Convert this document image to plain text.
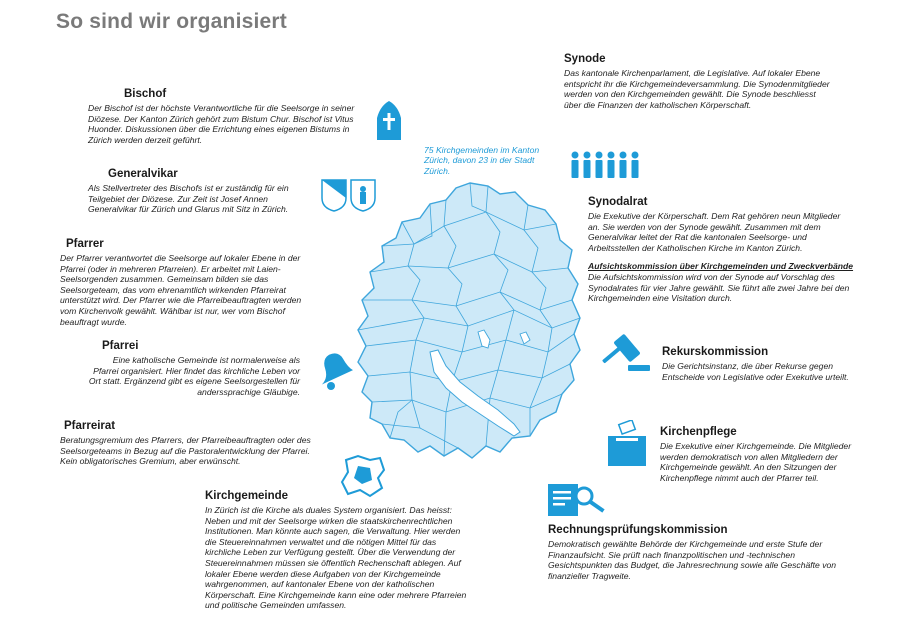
So sind wir organisiert
75 Kirchgemeinden im Kanton Zürich, davon 23 in der Stadt Zürich.
Bischof

Der Bischof ist der höchste Verantwortliche für die Seelsorge in seiner Diözese. Der Kanton Zürich gehört zum Bistum Chur. Bischof ist Vitus Huonder. Diskussionen über die Errichtung eines eigenen Bistums in Zürich werden derzeit geführt.

Generalvikar

Als Stellvertreter des Bischofs ist er zuständig für ein Teilgebiet der Diözese. Zur Zeit ist Josef Annen Generalvikar für Zürich und Glarus mit Sitz in Zürich.

Pfarrer

Der Pfarrer verantwortet die Seelsorge auf lokaler Ebene in der Pfarrei (oder in mehreren Pfarreien). Er arbeitet mit Laien-Seelsorgenden zusammen. Gemeinsam bilden sie das Seelsorgeteam, das vom ehrenamtlich wirkenden Pfarreirat unterstützt wird. Der Pfarrer wie die Pfarreibeauftragten werden vom Kirchenvolk gewählt. Wählbar ist nur, wer vom Bischof beauftragt wurde.

Pfarrei

Eine katholische Gemeinde ist normalerweise als Pfarrei organisiert. Hier findet das kirchliche Leben vor Ort statt. Ergänzend gibt es eigene Seelsorgestellen für anderssprachige Gläubige.

Pfarreirat

Beratungsgremium des Pfarrers, der Pfarreibeauftragten oder des Seelsorgeteams in Bezug auf die Pastoralentwicklung der Pfarrei. Kein obligatorisches Gremium, aber erwünscht.

Kirchgemeinde

In Zürich ist die Kirche als duales System organisiert. Das heisst: Neben und mit der Seelsorge wirken die staatskirchenrechtlichen Institutionen. Man könnte auch sagen, die Verwaltung. Hier werden die Steuereinnahmen verwaltet und die nötigen Mittel für das kirchliche Leben zur Verfügung gestellt. Über die Verwendung der Steuereinnahmen müssen sie öffentlich Rechenschaft ablegen. Auf lokaler Ebene werden diese Aufgaben von der Kirchgemeinde wahrgenommen, auf kantonaler Ebene von der katholischen Körperschaft. Eine Kirchgemeinde kann eine oder mehrere Pfarreien und politische Gemeinden umfassen.

Synode

Das kantonale Kirchenparlament, die Legislative. Auf lokaler Ebene entspricht ihr die Kirchgemeindeversammlung. Die Synodenmitglieder werden von den Kirchgemeinden gewählt. Die Synode beschliesst über die Finanzen der katholischen Körperschaft.

Synodalrat

Die Exekutive der Körperschaft. Dem Rat gehören neun Mitglieder an. Sie werden von der Synode gewählt. Zusammen mit dem Generalvikar leitet der Rat die kantonalen Seelsorge- und Arbeitsstellen der Katholischen Kirche im Kanton Zürich.

Aufsichtskommission über Kirchgemeinden und Zweckverbände

Die Aufsichtskommission wird von der Synode auf Vorschlag des Synodalrates für vier Jahre gewählt. Sie führt alle zwei Jahre bei den Kirchgemeinden eine Visitation durch.

Rekurskommission

Die Gerichtsinstanz, die über Rekurse gegen Entscheide von Legislative oder Exekutive urteilt.

Kirchenpflege

Die Exekutive einer Kirchgemeinde. Die Mitglieder werden demokratisch von allen Mitgliedern der Kirchgemeinde gewählt. An den Sitzungen der Kirchenpflege nimmt auch der Pfarrer teil.

Rechnungsprüfungskommission

Demokratisch gewählte Behörde der Kirchgemeinde und erste Stufe der Finanzaufsicht. Sie prüft nach finanzpolitischen und -technischen Gesichtspunkten das Budget, die Jahresrechnung sowie alle Geschäfte von finanzieller Tragweite.
